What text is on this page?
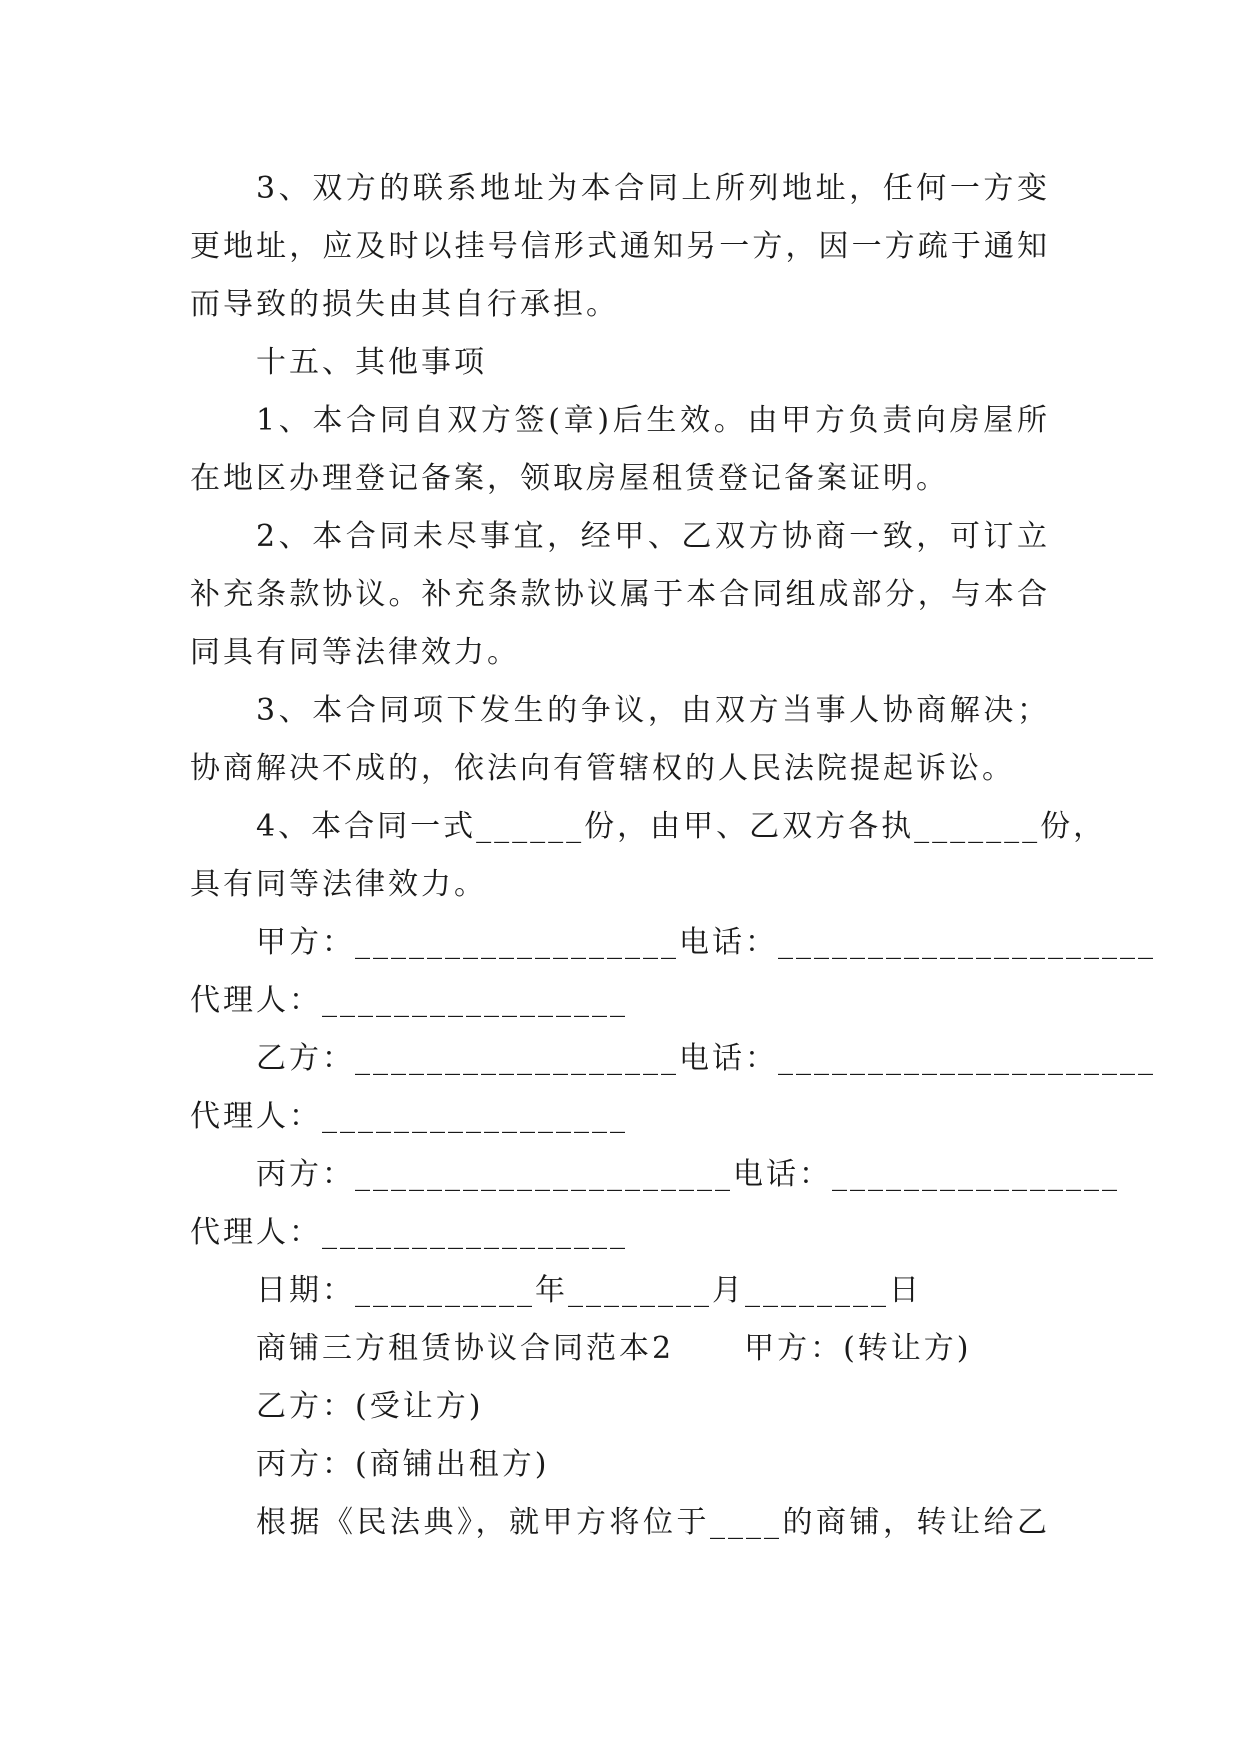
3、双方的联系地址为本合同上所列地址，任何一方变
更地址，应及时以挂号信形式通知另一方，因一方疏于通知
而导致的损失由其自行承担。
十五、其他事项
1、本合同自双方签(章)后生效。由甲方负责向房屋所
在地区办理登记备案，领取房屋租赁登记备案证明。
2、本合同未尽事宜，经甲、乙双方协商一致，可订立
补充条款协议。补充条款协议属于本合同组成部分，与本合
同具有同等法律效力。
3、本合同项下发生的争议，由双方当事人协商解决；
协商解决不成的，依法向有管辖权的人民法院提起诉讼。
4、本合同一式______份，由甲、乙双方各执_______份，
具有同等法律效力。
甲方：__________________电话：_____________________
代理人：_________________
乙方：__________________电话：_____________________
代理人：_________________
丙方：_____________________电话：________________
代理人：_________________
日期：__________年________月________日
商铺三方租赁协议合同范本2 甲方：(转让方)
乙方：(受让方)
丙方：(商铺出租方)
根据《民法典》，就甲方将位于____的商铺，转让给乙
